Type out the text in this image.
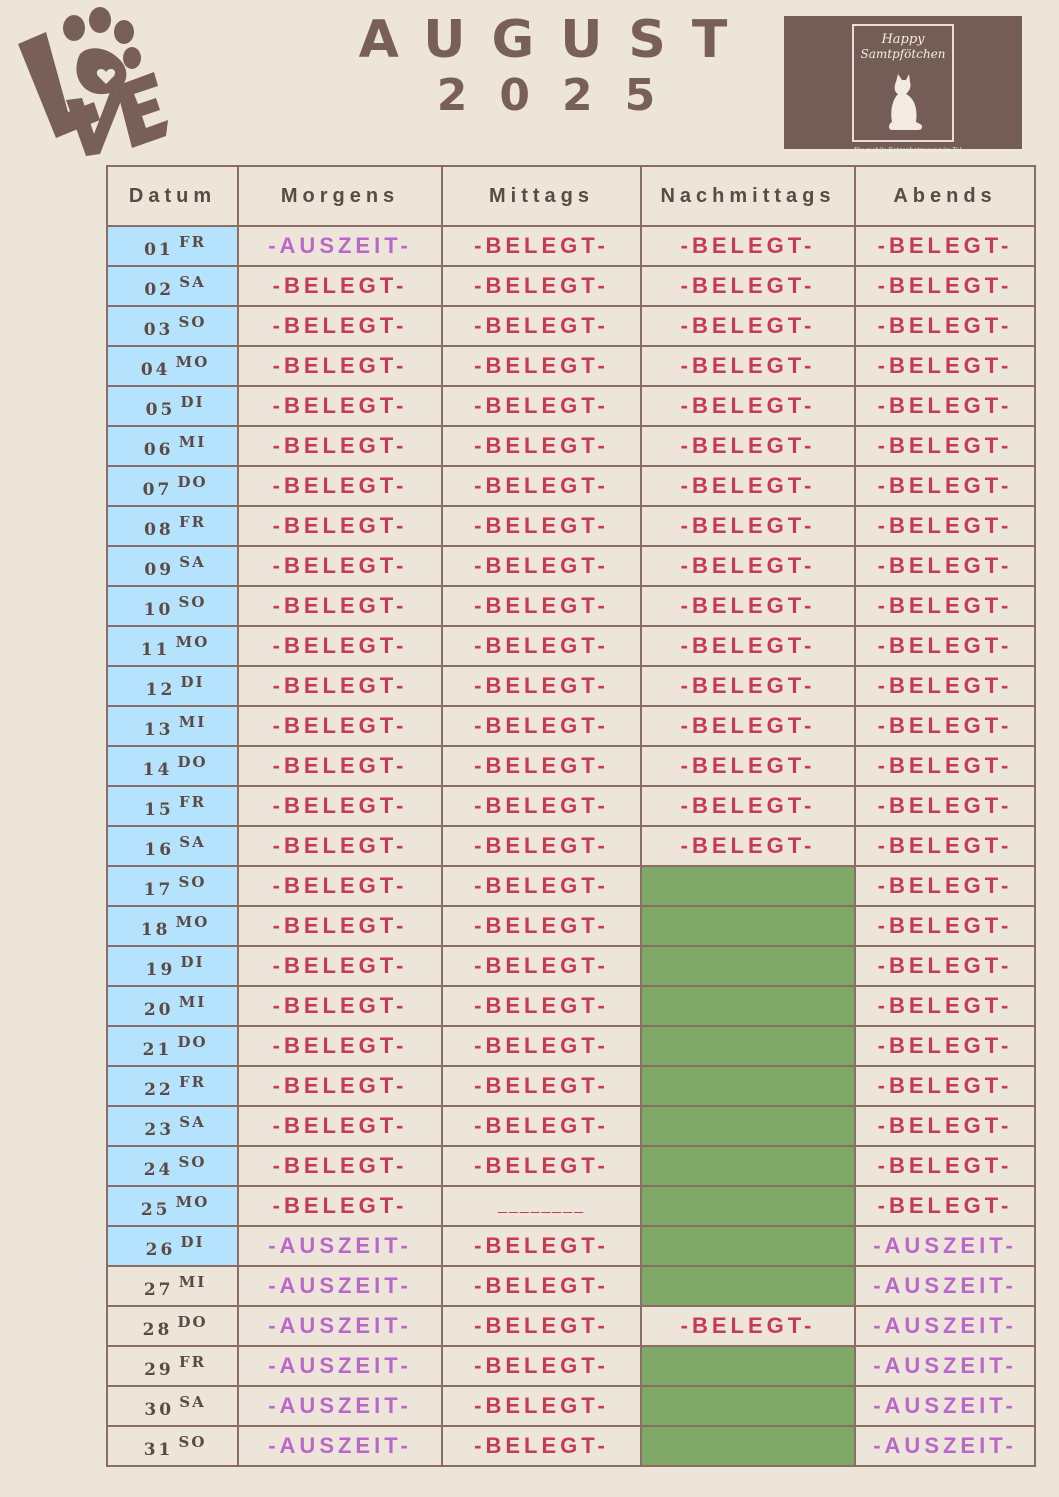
AUGUST
2025
Happy
Samtpfötchen
Die mobile Katzenbetreuung im Tal
Datum	Morgens	Mittags	Nachmittags	Abends
01 FR	-AUSZEIT-	-BELEGT-	-BELEGT-	-BELEGT-
02 SA	-BELEGT-	-BELEGT-	-BELEGT-	-BELEGT-
03 SO	-BELEGT-	-BELEGT-	-BELEGT-	-BELEGT-
04 MO	-BELEGT-	-BELEGT-	-BELEGT-	-BELEGT-
05 DI	-BELEGT-	-BELEGT-	-BELEGT-	-BELEGT-
06 MI	-BELEGT-	-BELEGT-	-BELEGT-	-BELEGT-
07 DO	-BELEGT-	-BELEGT-	-BELEGT-	-BELEGT-
08 FR	-BELEGT-	-BELEGT-	-BELEGT-	-BELEGT-
09 SA	-BELEGT-	-BELEGT-	-BELEGT-	-BELEGT-
10 SO	-BELEGT-	-BELEGT-	-BELEGT-	-BELEGT-
11 MO	-BELEGT-	-BELEGT-	-BELEGT-	-BELEGT-
12 DI	-BELEGT-	-BELEGT-	-BELEGT-	-BELEGT-
13 MI	-BELEGT-	-BELEGT-	-BELEGT-	-BELEGT-
14 DO	-BELEGT-	-BELEGT-	-BELEGT-	-BELEGT-
15 FR	-BELEGT-	-BELEGT-	-BELEGT-	-BELEGT-
16 SA	-BELEGT-	-BELEGT-	-BELEGT-	-BELEGT-
17 SO	-BELEGT-	-BELEGT-		-BELEGT-
18 MO	-BELEGT-	-BELEGT-		-BELEGT-
19 DI	-BELEGT-	-BELEGT-		-BELEGT-
20 MI	-BELEGT-	-BELEGT-		-BELEGT-
21 DO	-BELEGT-	-BELEGT-		-BELEGT-
22 FR	-BELEGT-	-BELEGT-		-BELEGT-
23 SA	-BELEGT-	-BELEGT-		-BELEGT-
24 SO	-BELEGT-	-BELEGT-		-BELEGT-
25 MO	-BELEGT-	________		-BELEGT-
26 DI	-AUSZEIT-	-BELEGT-		-AUSZEIT-
27 MI	-AUSZEIT-	-BELEGT-		-AUSZEIT-
28 DO	-AUSZEIT-	-BELEGT-	-BELEGT-	-AUSZEIT-
29 FR	-AUSZEIT-	-BELEGT-		-AUSZEIT-
30 SA	-AUSZEIT-	-BELEGT-		-AUSZEIT-
31 SO	-AUSZEIT-	-BELEGT-		-AUSZEIT-
